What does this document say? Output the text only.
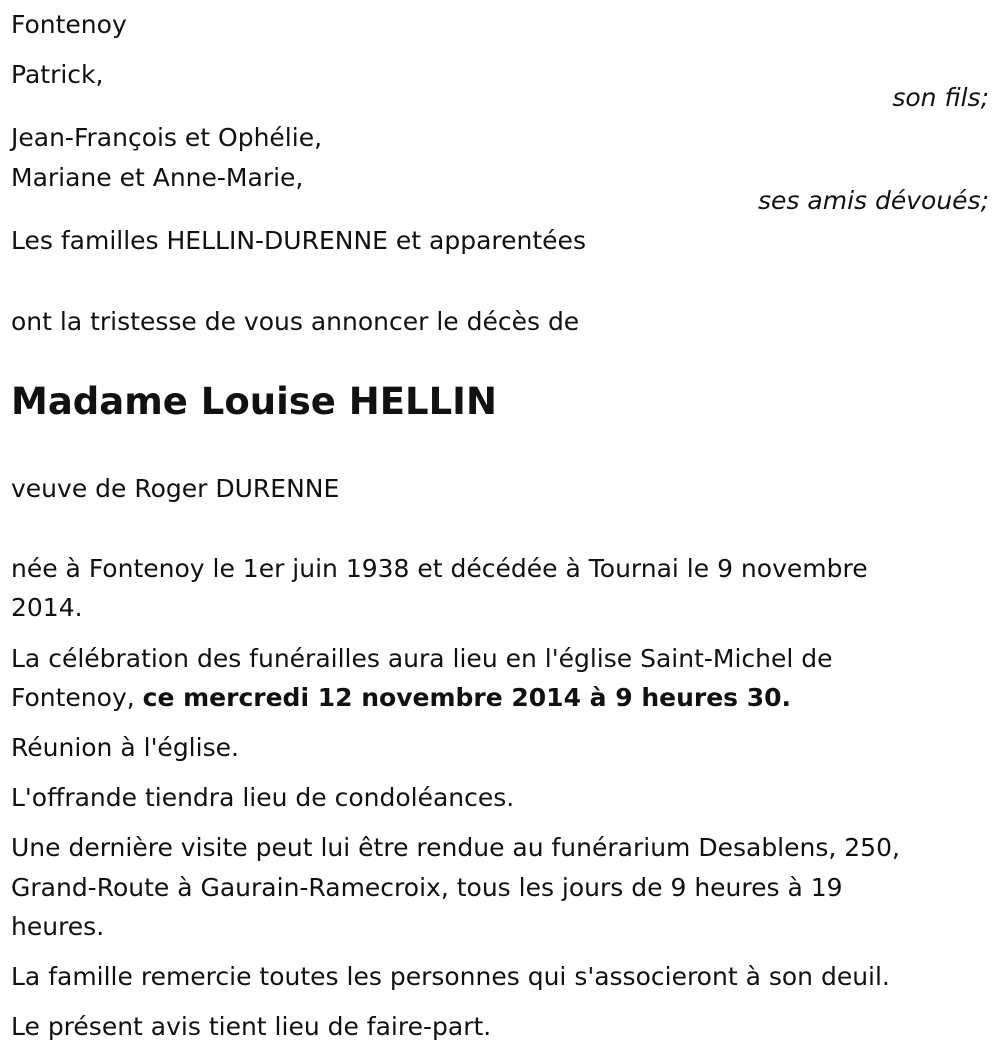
Fontenoy
Patrick,
son fils;
Jean-François et Ophélie,
Mariane et Anne-Marie,
ses amis dévoués;
Les familles HELLIN-DURENNE et apparentées
ont la tristesse de vous annoncer le décès de
Madame Louise HELLIN
veuve de Roger DURENNE
née à Fontenoy le 1er juin 1938 et décédée à Tournai le 9 novembre
2014.
La célébration des funérailles aura lieu en l'église Saint-Michel de
Fontenoy, ce mercredi 12 novembre 2014 à 9 heures 30.
Réunion à l'église.
L'offrande tiendra lieu de condoléances.
Une dernière visite peut lui être rendue au funérarium Desablens, 250,
Grand-Route à Gaurain-Ramecroix, tous les jours de 9 heures à 19
heures.
La famille remercie toutes les personnes qui s'associeront à son deuil.
Le présent avis tient lieu de faire-part.
